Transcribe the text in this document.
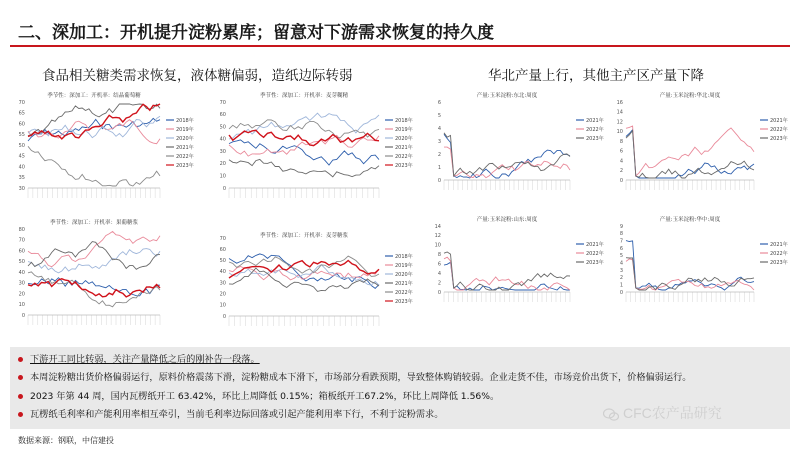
二、深加工：开机提升淀粉累库；留意对下游需求恢复的持久度
食品相关糖类需求恢复，液体糖偏弱，造纸边际转弱	华北产量上行，其他主产区产量下降
季节性：深加工：开机率：结晶葡萄糖
70
65
60
55
50
45
40
35
30
2018年
2019年
2020年
2021年
2022年
2023年
季节性：深加工：开机率：麦芽糊精
70
60
50
40
30
20
10
0
2018年
2019年
2020年
2021年
2022年
2023年
季节性：深加工：开机率：果葡糖浆
80
70
60
50
40
30
20
10
0
季节性：深加工：开机率：麦芽糖浆
70
60
50
40
30
20
10
0
2018年
2019年
2020年
2021年
2022年
2023年
产量:玉米淀粉:东北:周度
6
5
4
3
2
1
0
2021年
2022年
2023年
产量:玉米淀粉:华北:周度
16
14
12
10
8
6
4
2
0
2021年
2022年
2023年
产量:玉米淀粉:山东:周度
14
12
10
8
6
4
2
0
2021年
2022年
2023年
产量:玉米淀粉:华中:周度
9
8
7
6
5
4
3
2
1
0
2021年
2022年
2023年
下游开工同比转弱，关注产量降低之后的刚补告一段落。
本周淀粉糖出货价格偏弱运行，原料价格震荡下滑，淀粉糖成本下滑下，市场部分看跌预期，导致整体购销较弱。企业走货不佳，市场竞价出货下，价格偏弱运行。
2023 年第 44 周，国内瓦楞纸开工 63.42%，环比上周降低 0.15%；箱板纸开工67.2%，环比上周降低 1.56%。
瓦楞纸毛利率和产能利用率相互牵引，当前毛利率边际回落或引起产能利用率下行，不利于淀粉需求。	CFC农产品研究
数据来源：钢联，中信建投
